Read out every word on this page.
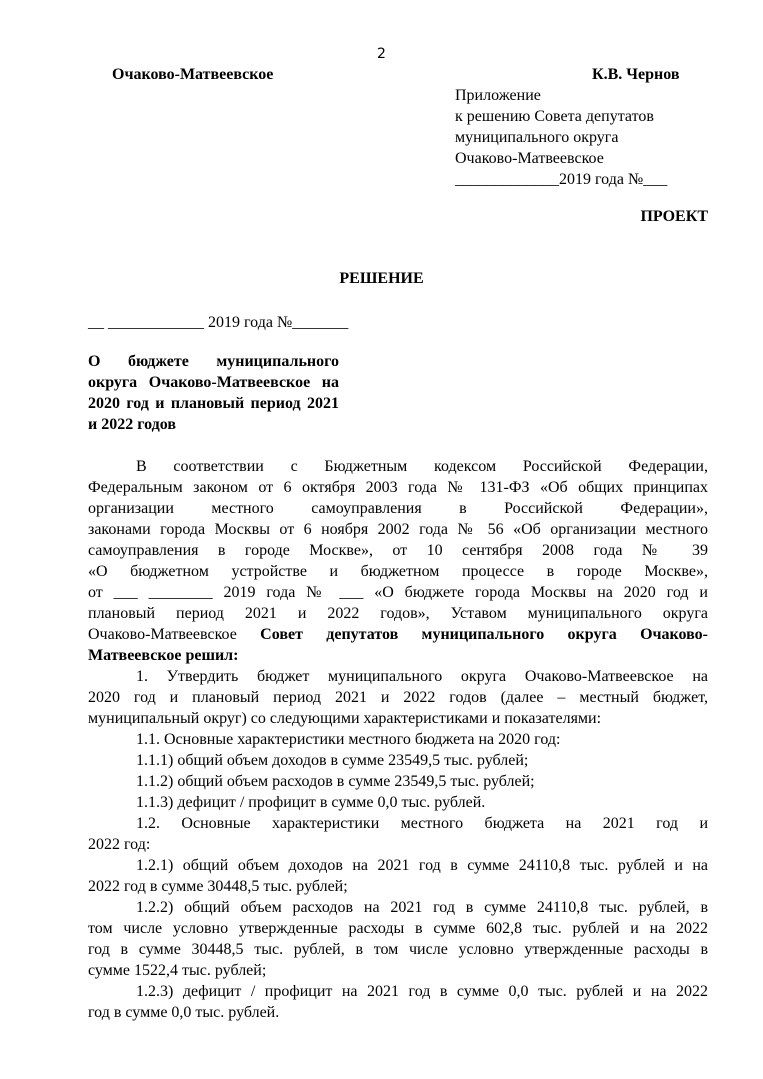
2
Очаково-Матвеевское	К.В. Чернов
Приложение
к решению Совета депутатов
муниципального округа
Очаково-Матвеевское
_____________2019 года №___
ПРОЕКТ
РЕШЕНИЕ
__ ____________ 2019 года №_______
О бюджете муниципального округа Очаково-Матвеевское на 2020 год и плановый период 2021 и 2022 годов

В соответствии с Бюджетным кодексом Российской Федерации,

Федеральным законом от 6 октября 2003 года № 131-ФЗ «Об общих принципах

организации местного самоуправления в Российской Федерации»,

законами города Москвы от 6 ноября 2002 года № 56 «Об организации местного

самоуправления в городе Москве», от 10 сентября 2008 года № 39

«О бюджетном устройстве и бюджетном процессе в городе Москве»,

от ___ ________ 2019 года № ___ «О бюджете города Москвы на 2020 год и

плановый период 2021 и 2022 годов», Уставом муниципального округа

Очаково-Матвеевское Совет депутатов муниципального округа Очаково-

Матвеевское решил:

1. Утвердить бюджет муниципального округа Очаково-Матвеевское на

2020 год и плановый период 2021 и 2022 годов (далее – местный бюджет,

муниципальный округ) со следующими характеристиками и показателями:

1.1. Основные характеристики местного бюджета на 2020 год:

1.1.1) общий объем доходов в сумме 23549,5 тыс. рублей;

1.1.2) общий объем расходов в сумме 23549,5 тыс. рублей;

1.1.3) дефицит / профицит в сумме 0,0 тыс. рублей.

1.2. Основные характеристики местного бюджета на 2021 год и

2022 год:

1.2.1) общий объем доходов на 2021 год в сумме 24110,8 тыс. рублей и на

2022 год в сумме 30448,5 тыс. рублей;

1.2.2) общий объем расходов на 2021 год в сумме 24110,8 тыс. рублей, в

том числе условно утвержденные расходы в сумме 602,8 тыс. рублей и на 2022

год в сумме 30448,5 тыс. рублей, в том числе условно утвержденные расходы в

сумме 1522,4 тыс. рублей;

1.2.3) дефицит / профицит на 2021 год в сумме 0,0 тыс. рублей и на 2022

год в сумме 0,0 тыс. рублей.
